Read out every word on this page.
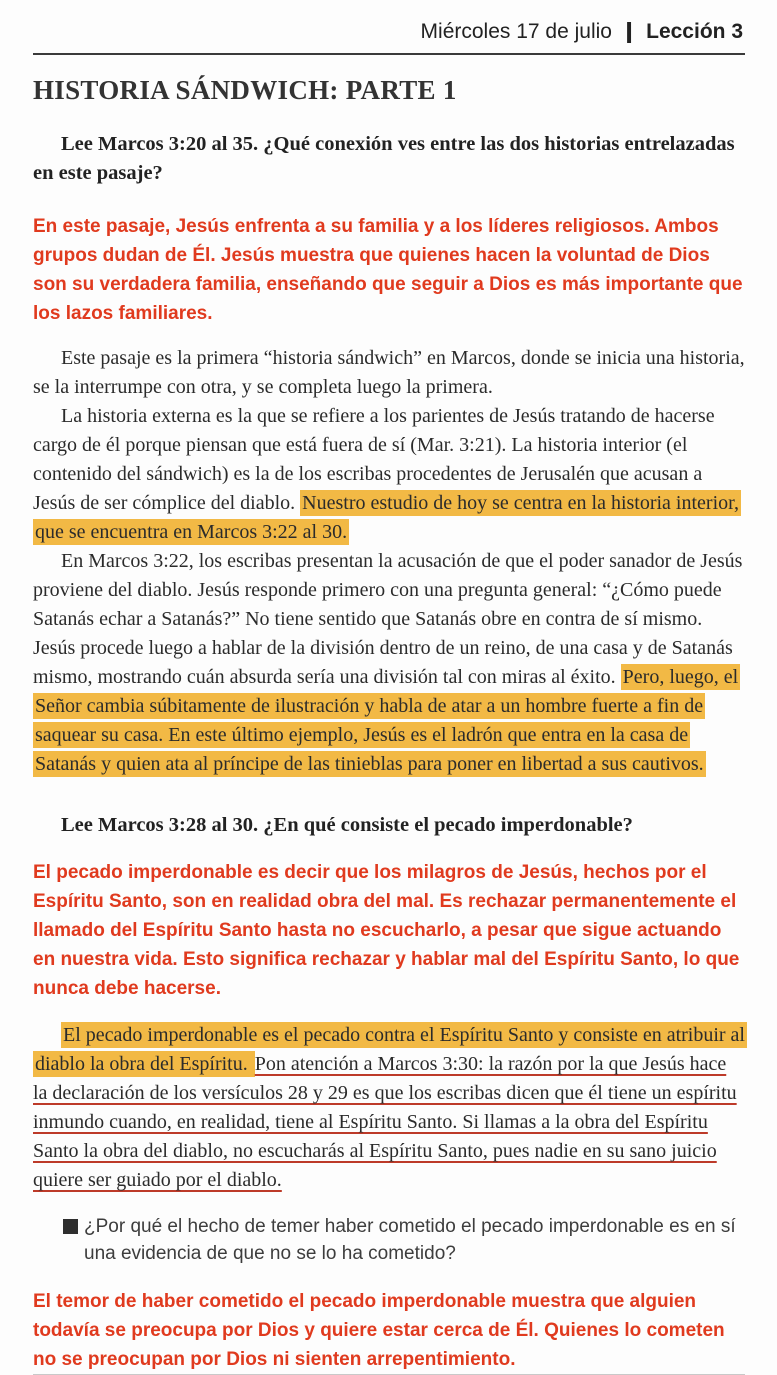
Miércoles 17 de julio | Lección 3
HISTORIA SÁNDWICH: PARTE 1

Lee Marcos 3:20 al 35. ¿Qué conexión ves entre las dos historias entrelazadas en este pasaje?

En este pasaje, Jesús enfrenta a su familia y a los líderes religiosos. Ambos grupos dudan de Él. Jesús muestra que quienes hacen la voluntad de Dios son su verdadera familia, enseñando que seguir a Dios es más importante que los lazos familiares.

Este pasaje es la primera “historia sándwich” en Marcos, donde se inicia una historia, se la interrumpe con otra, y se completa luego la primera.

La historia externa es la que se refiere a los parientes de Jesús tratando de hacerse cargo de él porque piensan que está fuera de sí (Mar. 3:21). La historia interior (el contenido del sándwich) es la de los escribas procedentes de Jerusalén que acusan a Jesús de ser cómplice del diablo. Nuestro estudio de hoy se centra en la historia interior, que se encuentra en Marcos 3:22 al 30.

En Marcos 3:22, los escribas presentan la acusación de que el poder sanador de Jesús proviene del diablo. Jesús responde primero con una pregunta general: “¿Cómo puede Satanás echar a Satanás?” No tiene sentido que Satanás obre en contra de sí mismo. Jesús procede luego a hablar de la división dentro de un reino, de una casa y de Satanás mismo, mostrando cuán absurda sería una división tal con miras al éxito. Pero, luego, el Señor cambia súbitamente de ilustración y habla de atar a un hombre fuerte a fin de saquear su casa. En este último ejemplo, Jesús es el ladrón que entra en la casa de Satanás y quien ata al príncipe de las tinieblas para poner en libertad a sus cautivos.

Lee Marcos 3:28 al 30. ¿En qué consiste el pecado imperdonable?

El pecado imperdonable es decir que los milagros de Jesús, hechos por el Espíritu Santo, son en realidad obra del mal. Es rechazar permanentemente el llamado del Espíritu Santo hasta no escucharlo, a pesar que sigue actuando en nuestra vida. Esto significa rechazar y hablar mal del Espíritu Santo, lo que nunca debe hacerse.

El pecado imperdonable es el pecado contra el Espíritu Santo y consiste en atribuir al diablo la obra del Espíritu. Pon atención a Marcos 3:30: la razón por la que Jesús hace la declaración de los versículos 28 y 29 es que los escribas dicen que él tiene un espíritu inmundo cuando, en realidad, tiene al Espíritu Santo. Si llamas a la obra del Espíritu Santo la obra del diablo, no escucharás al Espíritu Santo, pues nadie en su sano juicio quiere ser guiado por el diablo.

¿Por qué el hecho de temer haber cometido el pecado imperdonable es en sí una evidencia de que no se lo ha cometido?

El temor de haber cometido el pecado imperdonable muestra que alguien todavía se preocupa por Dios y quiere estar cerca de Él. Quienes lo cometen no se preocupan por Dios ni sienten arrepentimiento.
